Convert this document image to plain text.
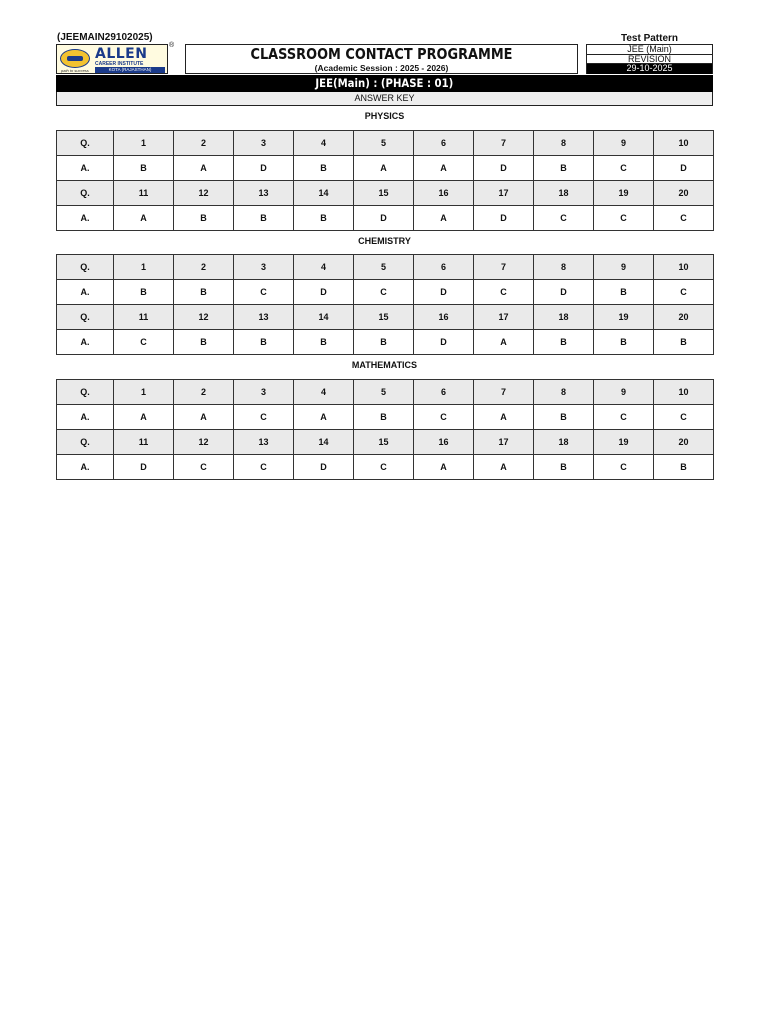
(JEEMAIN29102025)
path to success
ALLEN
CAREER INSTITUTE
KOTA (RAJASTHAN)
®	CLASSROOM CONTACT PROGRAMME
(Academic Session : 2025 - 2026)
Test Pattern
JEE (Main)
REVISION
29-10-2025
JEE(Main) : (PHASE : 01)
ANSWER KEY
PHYSICS
Q.	1	2	3	4	5	6	7	8	9	10
A.	B	A	D	B	A	A	D	B	C	D
Q.	11	12	13	14	15	16	17	18	19	20
A.	A	B	B	B	D	A	D	C	C	C
CHEMISTRY
Q.	1	2	3	4	5	6	7	8	9	10
A.	B	B	C	D	C	D	C	D	B	C
Q.	11	12	13	14	15	16	17	18	19	20
A.	C	B	B	B	B	D	A	B	B	B
MATHEMATICS
Q.	1	2	3	4	5	6	7	8	9	10
A.	A	A	C	A	B	C	A	B	C	C
Q.	11	12	13	14	15	16	17	18	19	20
A.	D	C	C	D	C	A	A	B	C	B
